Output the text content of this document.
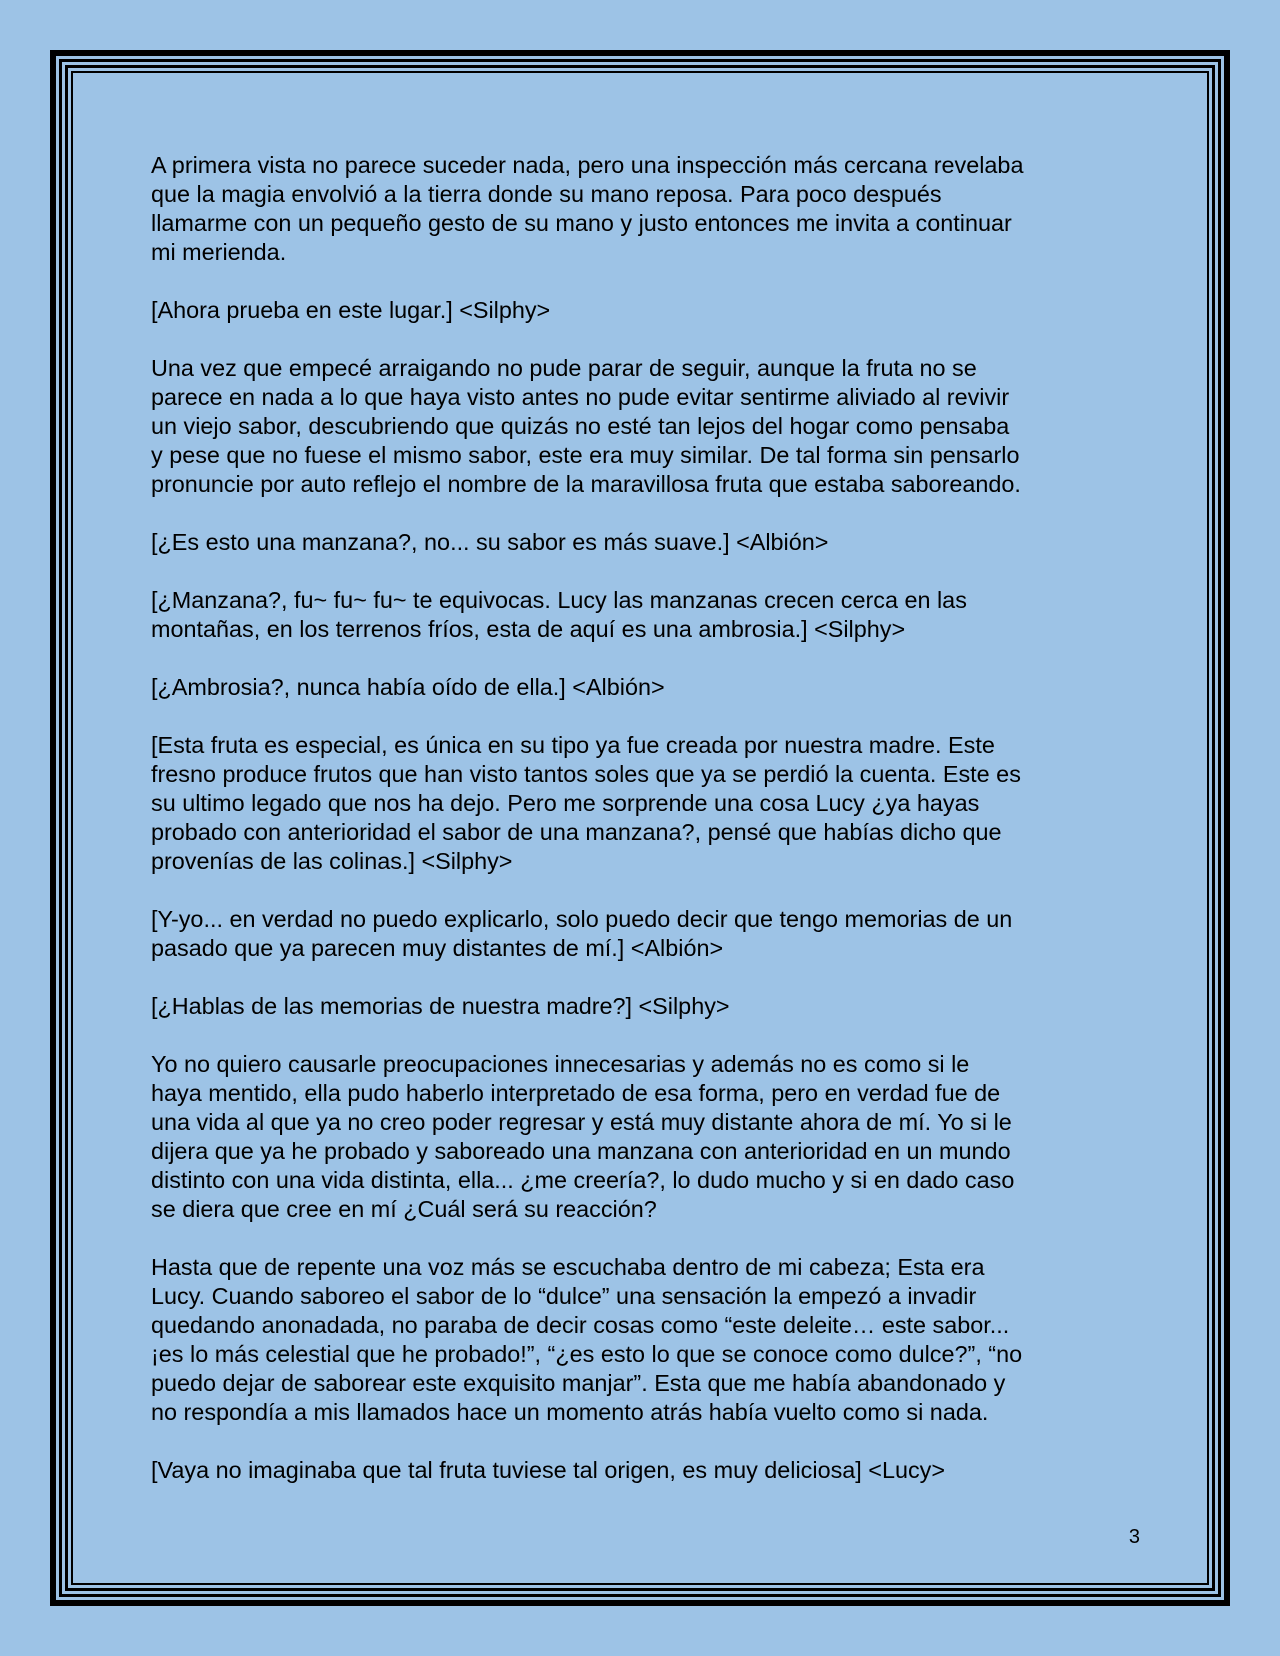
A primera vista no parece suceder nada, pero una inspección más cercana revelaba
que la magia envolvió a la tierra donde su mano reposa. Para poco después
llamarme con un pequeño gesto de su mano y justo entonces me invita a continuar
mi merienda.

[Ahora prueba en este lugar.] <Silphy>

Una vez que empecé arraigando no pude parar de seguir, aunque la fruta no se
parece en nada a lo que haya visto antes no pude evitar sentirme aliviado al revivir
un viejo sabor, descubriendo que quizás no esté tan lejos del hogar como pensaba
y pese que no fuese el mismo sabor, este era muy similar. De tal forma sin pensarlo
pronuncie por auto reflejo el nombre de la maravillosa fruta que estaba saboreando.

[¿Es esto una manzana?, no... su sabor es más suave.] <Albión>

[¿Manzana?, fu~ fu~ fu~ te equivocas. Lucy las manzanas crecen cerca en las
montañas, en los terrenos fríos, esta de aquí es una ambrosia.] <Silphy>

[¿Ambrosia?, nunca había oído de ella.] <Albión>

[Esta fruta es especial, es única en su tipo ya fue creada por nuestra madre. Este
fresno produce frutos que han visto tantos soles que ya se perdió la cuenta. Este es
su ultimo legado que nos ha dejo. Pero me sorprende una cosa Lucy ¿ya hayas
probado con anterioridad el sabor de una manzana?, pensé que habías dicho que
provenías de las colinas.] <Silphy>

[Y-yo... en verdad no puedo explicarlo, solo puedo decir que tengo memorias de un
pasado que ya parecen muy distantes de mí.] <Albión>

[¿Hablas de las memorias de nuestra madre?] <Silphy>

Yo no quiero causarle preocupaciones innecesarias y además no es como si le
haya mentido, ella pudo haberlo interpretado de esa forma, pero en verdad fue de
una vida al que ya no creo poder regresar y está muy distante ahora de mí. Yo si le
dijera que ya he probado y saboreado una manzana con anterioridad en un mundo
distinto con una vida distinta, ella... ¿me creería?, lo dudo mucho y si en dado caso
se diera que cree en mí ¿Cuál será su reacción?

Hasta que de repente una voz más se escuchaba dentro de mi cabeza; Esta era
Lucy. Cuando saboreo el sabor de lo “dulce” una sensación la empezó a invadir
quedando anonadada, no paraba de decir cosas como “este deleite… este sabor...
¡es lo más celestial que he probado!”, “¿es esto lo que se conoce como dulce?”, “no
puedo dejar de saborear este exquisito manjar”. Esta que me había abandonado y
no respondía a mis llamados hace un momento atrás había vuelto como si nada.

[Vaya no imaginaba que tal fruta tuviese tal origen, es muy deliciosa] <Lucy>

3
